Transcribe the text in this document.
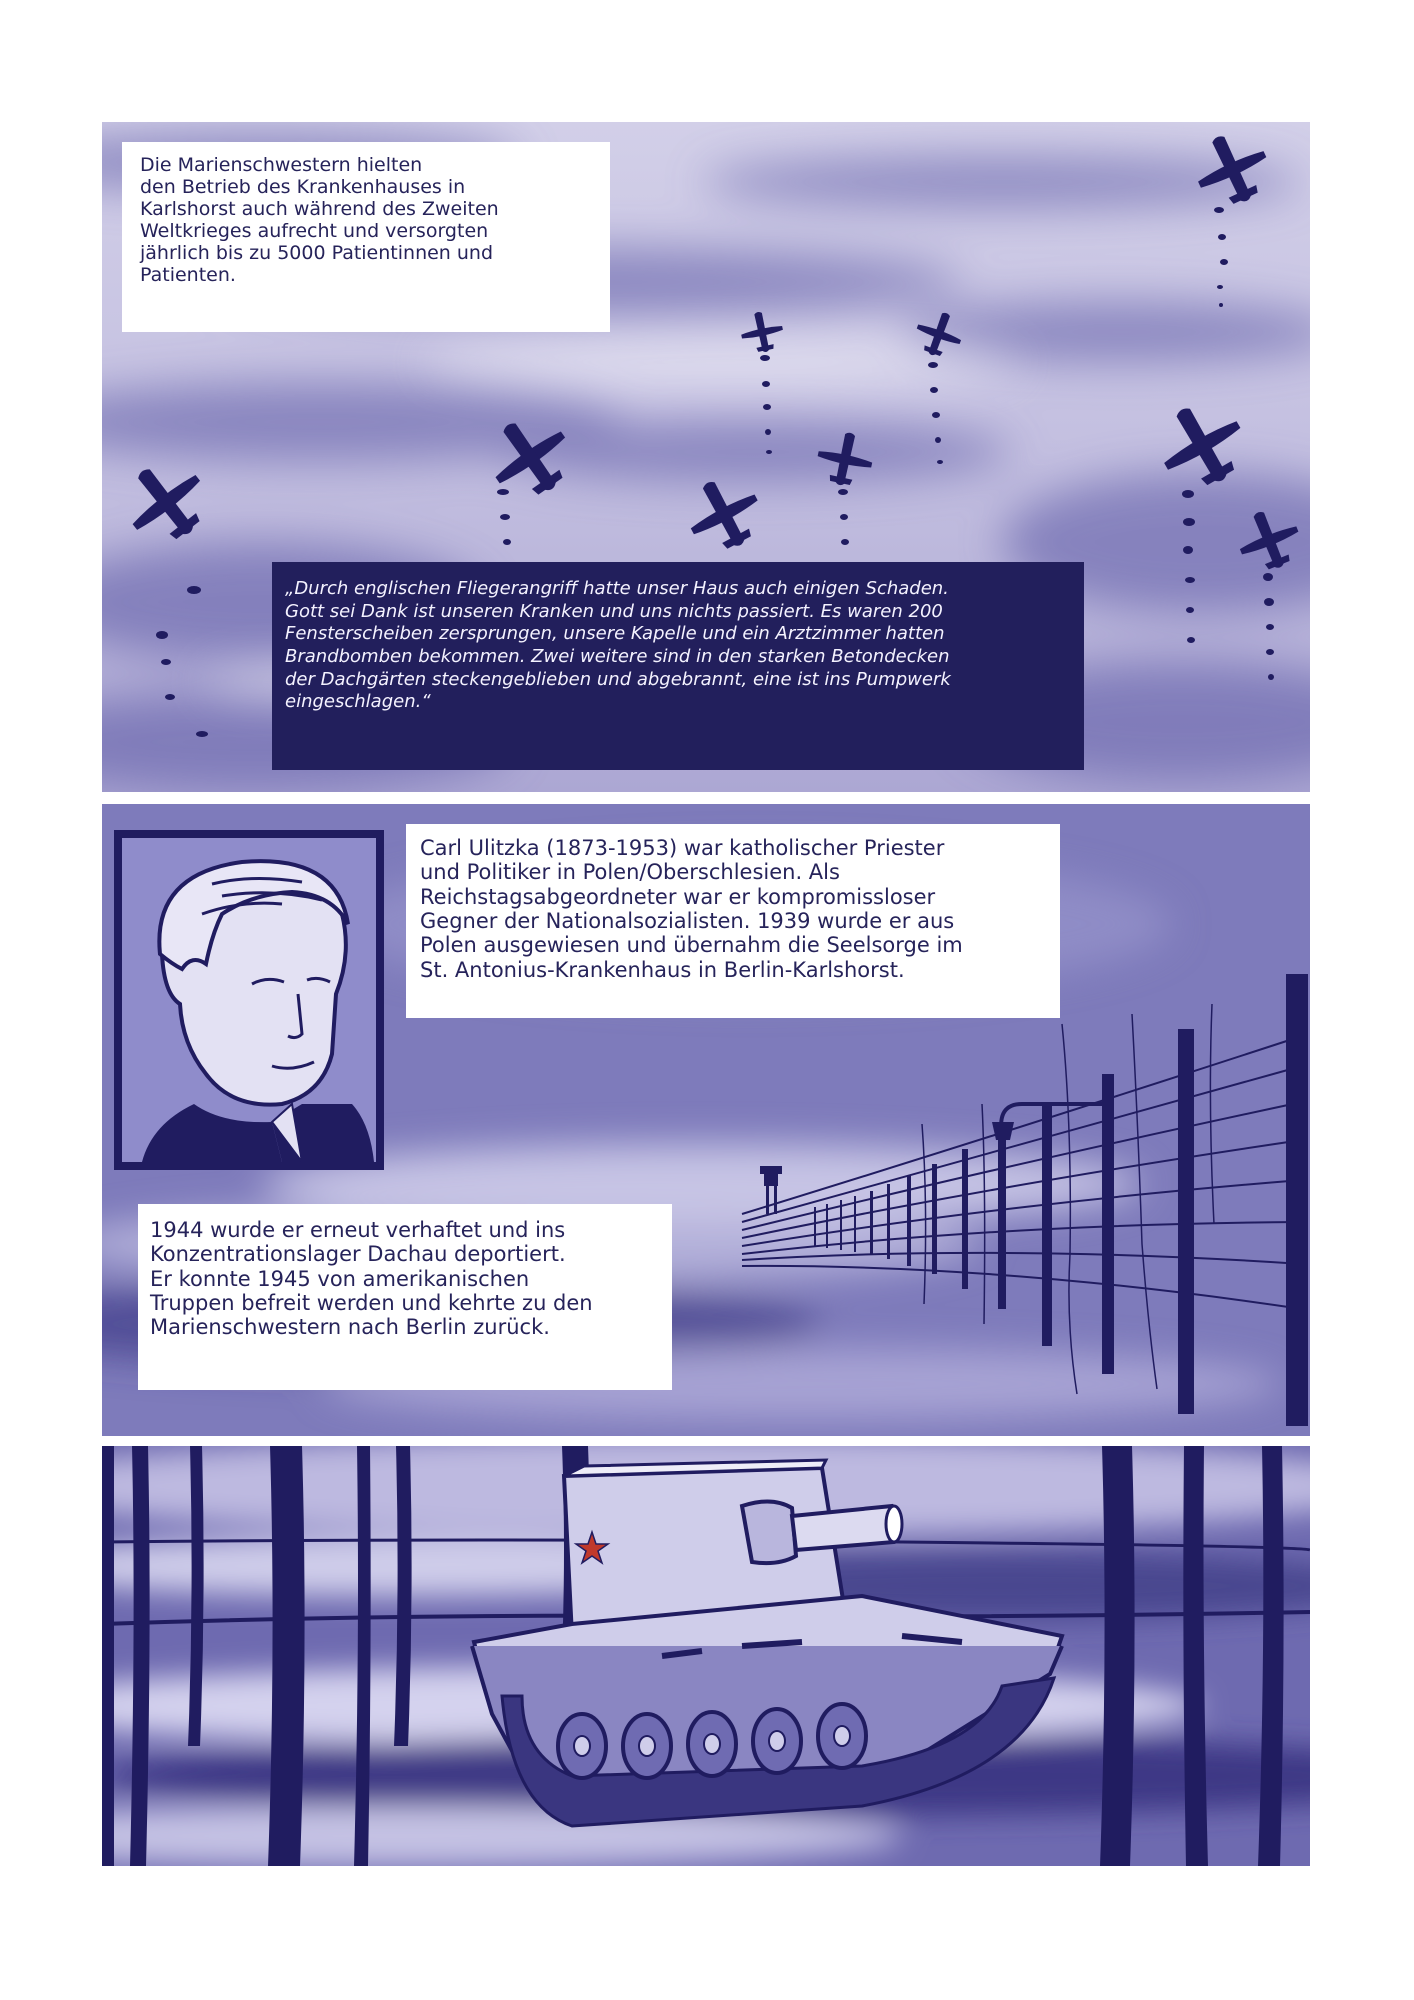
Die Marienschwestern hielten
den Betrieb des Krankenhauses in
Karlshorst auch während des Zweiten
Weltkrieges aufrecht und versorgten
jährlich bis zu 5000 Patientinnen und
Patienten.
„Durch englischen Fliegerangriff hatte unser Haus auch einigen Schaden.
Gott sei Dank ist unseren Kranken und uns nichts passiert. Es waren 200
Fensterscheiben zersprungen, unsere Kapelle und ein Arztzimmer hatten
Brandbomben bekommen. Zwei weitere sind in den starken Betondecken
der Dachgärten steckengeblieben und abgebrannt, eine ist ins Pumpwerk
eingeschlagen.“
Carl Ulitzka (1873-1953) war katholischer Priester
und Politiker in Polen/Oberschlesien. Als
Reichstagsabgeordneter war er kompromissloser
Gegner der Nationalsozialisten. 1939 wurde er aus
Polen ausgewiesen und übernahm die Seelsorge im
St. Antonius-Krankenhaus in Berlin-Karlshorst.
1944 wurde er erneut verhaftet und ins
Konzentrationslager Dachau deportiert.
Er konnte 1945 von amerikanischen
Truppen befreit werden und kehrte zu den
Marienschwestern nach Berlin zurück.
